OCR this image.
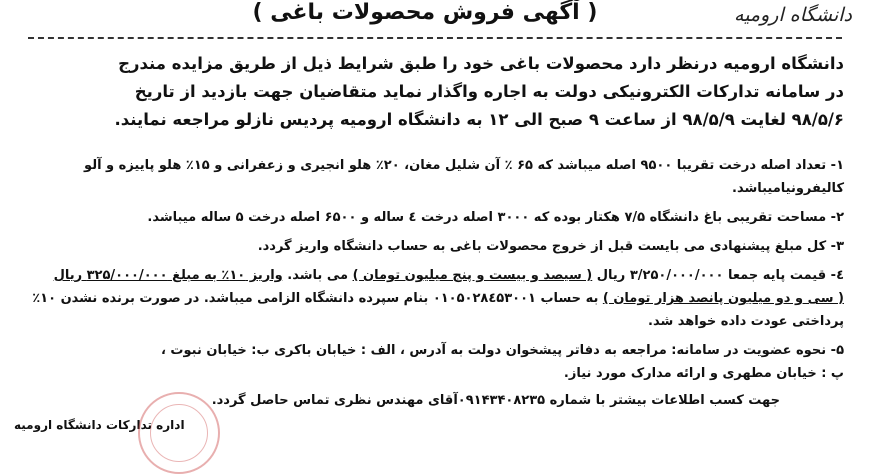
دانشگاه ارومیه
( آگهی فروش محصولات باغی )

دانشگاه ارومیه درنظر دارد محصولات باغی خود را طبق شرایط ذیل از طریق مزایده مندرج

در سامانه تدارکات الکترونیکی دولت به اجاره واگذار نماید متقاضیان جهت بازدید از تاریخ

۹۸/۵/۶ لغایت ۹۸/۵/۹ از ساعت ۹ صبح الی ۱۲ به دانشگاه ارومیه پردیس نازلو مراجعه نمایند.

۱- تعداد اصله درخت تقریبا ۹۵۰۰ اصله میباشد که ۶۵ ٪ آن شلیل مغان، ۲۰٪ هلو انجیری و زعفرانی و ۱۵٪ هلو پاییزه و آلو

کالیفرونیامیباشد.

۲- مساحت تقریبی باغ دانشگاه ۷/۵ هکتار بوده که ۳۰۰۰ اصله درخت ٤ ساله و ۶۵۰۰ اصله درخت ۵ ساله میباشد.

۳- کل مبلغ پیشنهادی می بایست قبل از خروج محصولات باغی به حساب دانشگاه واریز گردد.

٤- قیمت پایه جمعا ۳/۲۵۰/۰۰۰/۰۰۰ ریال ( سیصد و بیست و پنج میلیون تومان ) می باشد. واریز ۱۰٪ به مبلغ ۳۲۵/۰۰۰/۰۰۰ ریال

( سی و دو میلیون پانصد هزار تومان ) به حساب ۰۱۰۵۰۲۸٤۵۳۰۰۱ بنام سپرده دانشگاه الزامی میباشد. در صورت برنده نشدن ۱۰٪

پرداختی عودت داده خواهد شد.

۵- نحوه عضویت در سامانه: مراجعه به دفاتر پیشخوان دولت به آدرس ، الف : خیابان باکری ب: خیابان نبوت ،

پ : خیابان مطهری و ارائه مدارک مورد نیاز.

جهت کسب اطلاعات بیشتر با شماره ۰۹۱۴۳۴۰۸۲۳۵آقای مهندس نظری تماس حاصل گردد.
اداره تدارکات دانشگاه ارومیه
